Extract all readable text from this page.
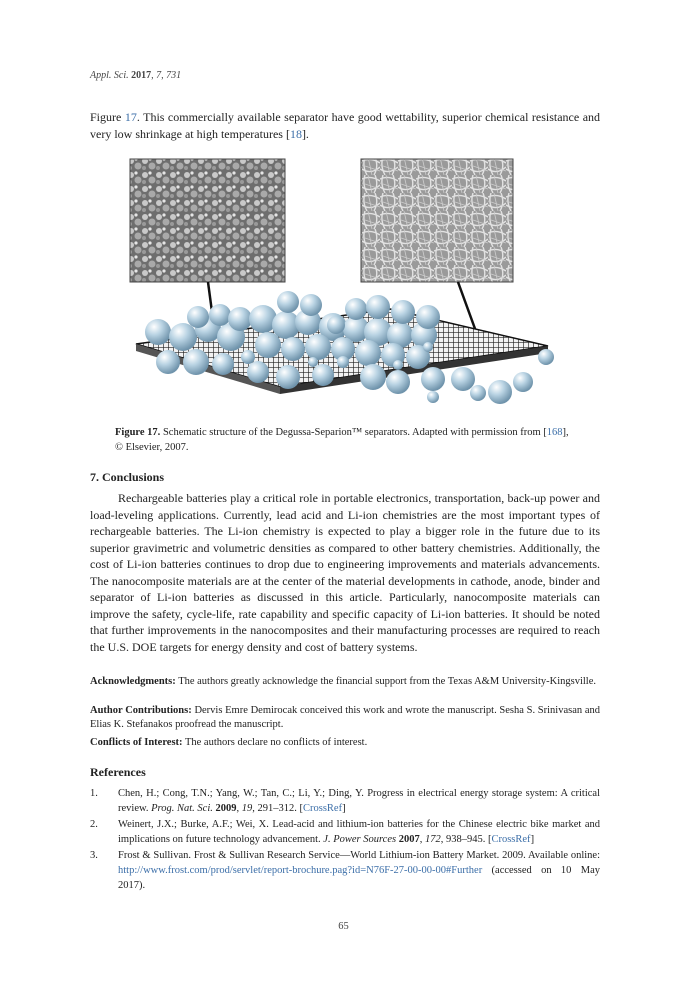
Appl. Sci. 2017, 7, 731
Figure 17. This commercially available separator have good wettability, superior chemical resistance and very low shrinkage at high temperatures [18].
Figure 17. Schematic structure of the Degussa-Separion™ separators. Adapted with permission from [168], © Elsevier, 2007.
7. Conclusions
Rechargeable batteries play a critical role in portable electronics, transportation, back-up power and load-leveling applications. Currently, lead acid and Li-ion chemistries are the most important types of rechargeable batteries. The Li-ion chemistry is expected to play a bigger role in the future due to its superior gravimetric and volumetric densities as compared to other battery chemistries. Additionally, the cost of Li-ion batteries continues to drop due to engineering improvements and materials advancements. The nanocomposite materials are at the center of the material developments in cathode, anode, binder and separator of Li-ion batteries as discussed in this article. Particularly, nanocomposite materials can improve the safety, cycle-life, rate capability and specific capacity of Li-ion batteries. It should be noted that further improvements in the nanocomposites and their manufacturing processes are required to reach the U.S. DOE targets for energy density and cost of battery systems.
Acknowledgments: The authors greatly acknowledge the financial support from the Texas A&M University-Kingsville.
Author Contributions: Dervis Emre Demirocak conceived this work and wrote the manuscript. Sesha S. Srinivasan and Elias K. Stefanakos proofread the manuscript.
Conflicts of Interest: The authors declare no conflicts of interest.
References
1. Chen, H.; Cong, T.N.; Yang, W.; Tan, C.; Li, Y.; Ding, Y. Progress in electrical energy storage system: A critical review. Prog. Nat. Sci. 2009, 19, 291–312. [CrossRef]
2. Weinert, J.X.; Burke, A.F.; Wei, X. Lead-acid and lithium-ion batteries for the Chinese electric bike market and implications on future technology advancement. J. Power Sources 2007, 172, 938–945. [CrossRef]
3. Frost & Sullivan. Frost & Sullivan Research Service—World Lithium-ion Battery Market. 2009. Available online: http://www.frost.com/prod/servlet/report-brochure.pag?id=N76F-27-00-00-00#Further (accessed on 10 May 2017).
65
